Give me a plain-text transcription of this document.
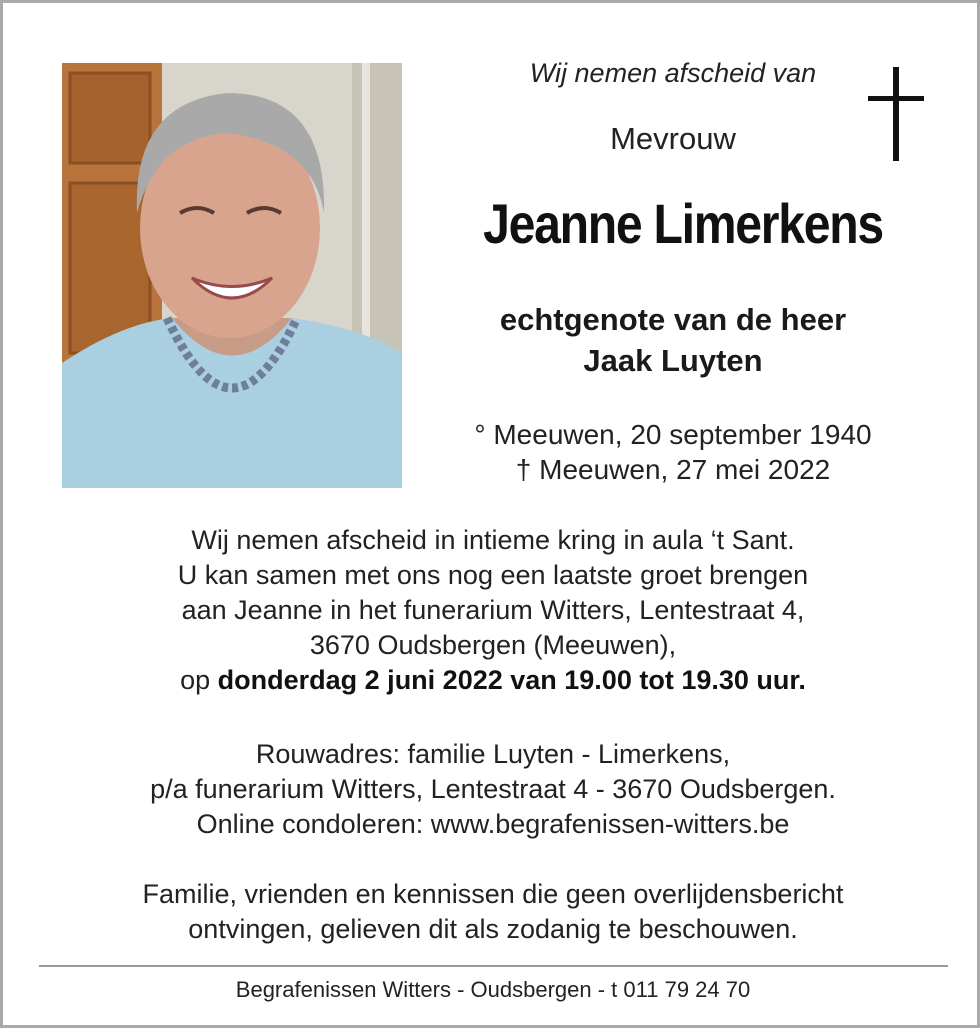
Wij nemen afscheid van
Mevrouw
Jeanne Limerkens
echtgenote van de heer
Jaak Luyten
° Meeuwen, 20 september 1940
† Meeuwen, 27 mei 2022
Wij nemen afscheid in intieme kring in aula ‘t Sant.
U kan samen met ons nog een laatste groet brengen
aan Jeanne in het funerarium Witters, Lentestraat 4,
3670 Oudsbergen (Meeuwen),
op donderdag 2 juni 2022 van 19.00 tot 19.30 uur.
Rouwadres: familie Luyten - Limerkens,
p/a funerarium Witters, Lentestraat 4 - 3670 Oudsbergen.
Online condoleren: www.begrafenissen-witters.be
Familie, vrienden en kennissen die geen overlijdensbericht
ontvingen, gelieven dit als zodanig te beschouwen.
Begrafenissen Witters - Oudsbergen - t 011 79 24 70
